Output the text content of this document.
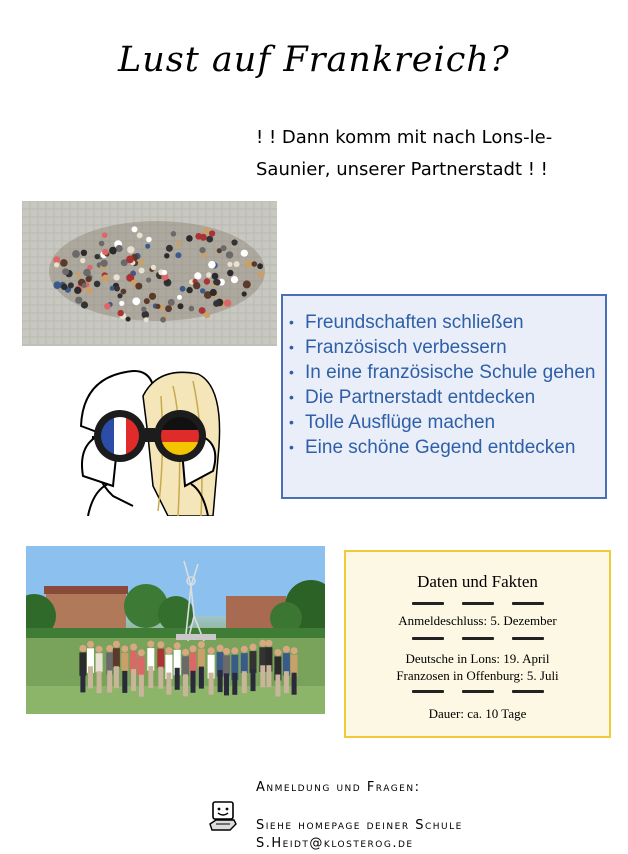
Lust auf Frankreich?
! ! Dann komm mit nach Lons-le-Saunier, unserer Partnerstadt ! !
• Freundschaften schließen
• Französisch verbessern
• In eine französische Schule gehen
• Die Partnerstadt entdecken
• Tolle Ausflüge machen
• Eine schöne Gegend entdecken
Daten und Fakten
Anmeldeschluss: 5. Dezember
Deutsche in Lons: 19. April
Franzosen in Offenburg: 5. Juli
Dauer: ca. 10 Tage
Anmeldung und Fragen:
Siehe homepage deiner Schule
S.Heidt@klosterog.de
